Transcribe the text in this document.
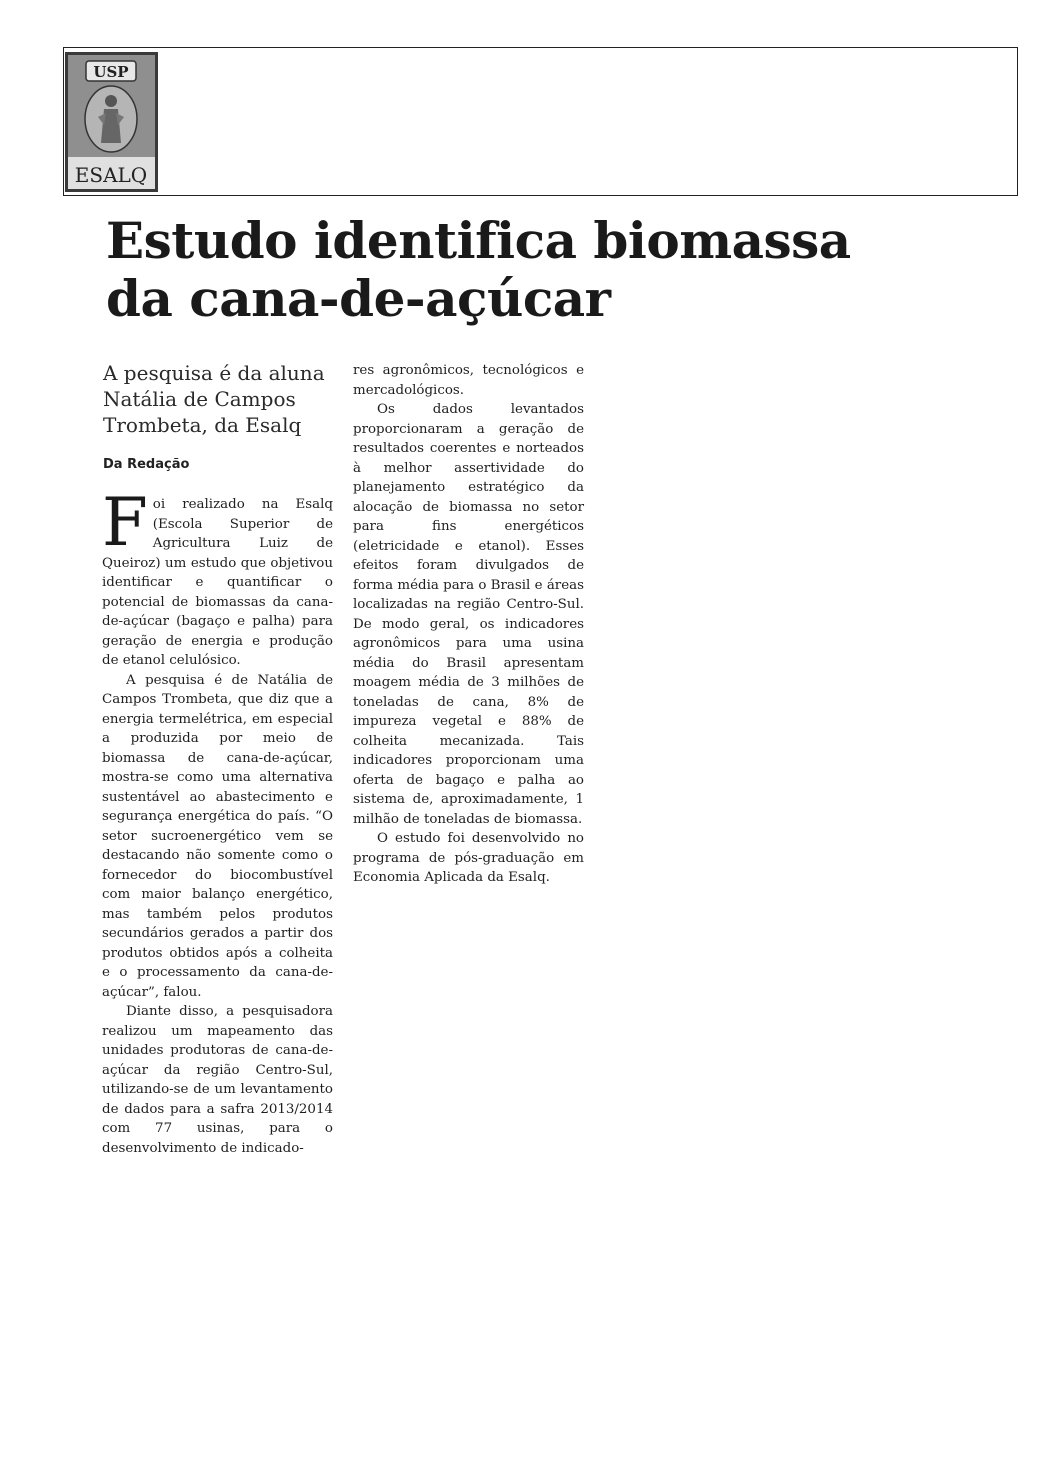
USP
ESALQ
Estudo identifica biomassa da cana-de-açúcar

A pesquisa é da aluna Natália de Campos Trombeta, da Esalq

Da Redação

Foi realizado na Esalq (Escola Superior de Agricultura Luiz de Queiroz) um estudo que objetivou identificar e quantificar o potencial de biomassas da cana-de-açúcar (bagaço e palha) para geração de energia e produção de etanol celulósico.

A pesquisa é de Natália de Campos Trombeta, que diz que a energia termelétrica, em especial a produzida por meio de biomassa de cana-de-açúcar, mostra-se como uma alternativa sustentável ao abastecimento e segurança energética do país. “O setor sucroenergético vem se destacando não somente como o fornecedor do biocombustível com maior balanço energético, mas também pelos produtos secundários gerados a partir dos produtos obtidos após a colheita e o processamento da cana-de-açúcar”, falou.

Diante disso, a pesquisadora realizou um mapeamento das unidades produtoras de cana-de-açúcar da região Centro-Sul, utilizando-se de um levantamento de dados para a safra 2013/2014 com 77 usinas, para o desenvolvimento de indicado-

res agronômicos, tecnológicos e mercadológicos.

Os dados levantados proporcionaram a geração de resultados coerentes e norteados à melhor assertividade do planejamento estratégico da alocação de biomassa no setor para fins energéticos (eletricidade e etanol). Esses efeitos foram divulgados de forma média para o Brasil e áreas localizadas na região Centro-Sul. De modo geral, os indicadores agronômicos para uma usina média do Brasil apresentam moagem média de 3 milhões de toneladas de cana, 8% de impureza vegetal e 88% de colheita mecanizada. Tais indicadores proporcionam uma oferta de bagaço e palha ao sistema de, aproximadamente, 1 milhão de toneladas de biomassa.

O estudo foi desenvolvido no programa de pós-graduação em Economia Aplicada da Esalq.
